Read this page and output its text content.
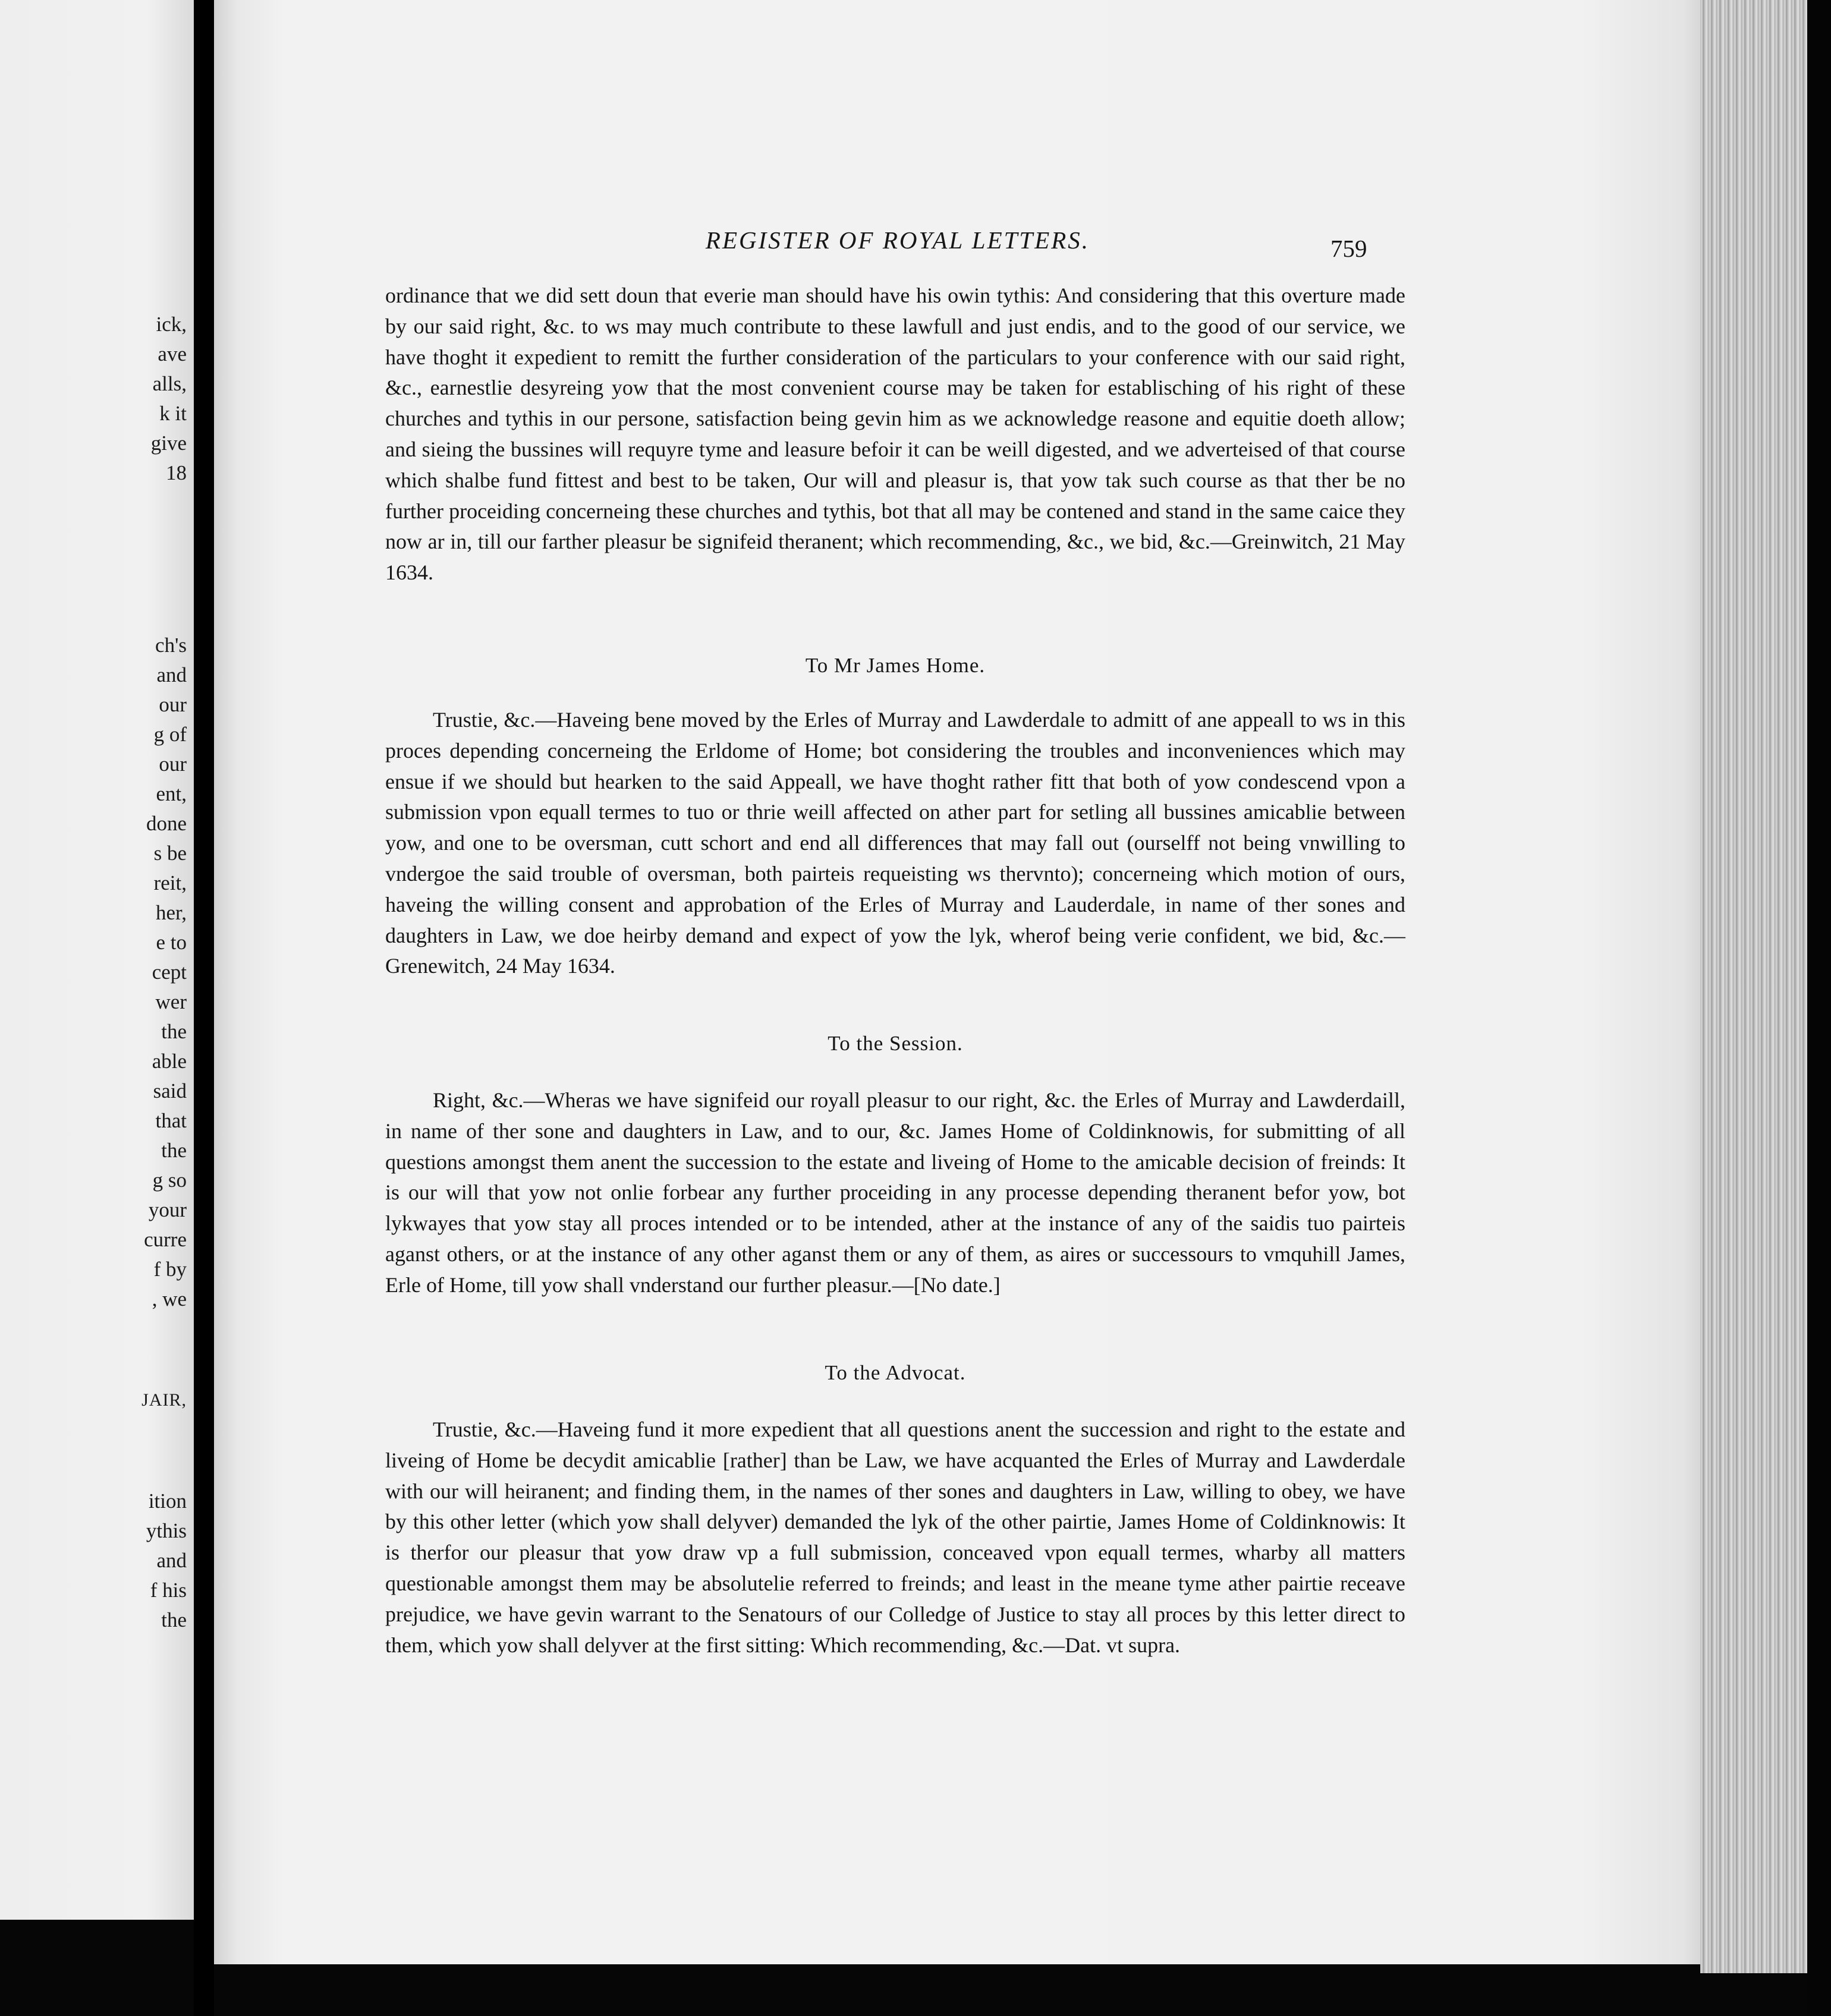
ick,
ave
alls,
k it
give
18
ch's
and
our
g of
our
ent,
done
s be
reit,
her,
e to
cept
wer
the
able
said
that
the
g so
your
curre
f by
, we
JAIR,
ition
ythis
and
f his
the
REGISTER OF ROYAL LETTERS.	759

ordinance that we did sett doun that everie man should have his owin tythis: And considering that this overture made by our said right, &c. to ws may much contribute to these lawfull and just endis, and to the good of our service, we have thoght it expedient to remitt the further consideration of the particulars to your conference with our said right, &c., earnestlie desyreing yow that the most convenient course may be taken for establisching of his right of these churches and tythis in our persone, satisfaction being gevin him as we acknowledge reasone and equitie doeth allow; and sieing the bussines will requyre tyme and leasure befoir it can be weill digested, and we adverteised of that course which shalbe fund fittest and best to be taken, Our will and pleasur is, that yow tak such course as that ther be no further proceiding concerneing these churches and tythis, bot that all may be contened and stand in the same caice they now ar in, till our farther pleasur be signifeid theranent; which recommending, &c., we bid, &c.—Greinwitch, 21 May 1634.

To Mr James Home.

Trustie, &c.—Haveing bene moved by the Erles of Murray and Lawderdale to admitt of ane appeall to ws in this proces depending concerneing the Erldome of Home; bot considering the troubles and inconveniences which may ensue if we should but hearken to the said Appeall, we have thoght rather fitt that both of yow condescend vpon a submission vpon equall termes to tuo or thrie weill affected on ather part for setling all bussines amicablie between yow, and one to be oversman, cutt schort and end all differences that may fall out (ourselff not being vnwilling to vndergoe the said trouble of oversman, both pairteis requeisting ws thervnto); concerneing which motion of ours, haveing the willing consent and approbation of the Erles of Murray and Lauderdale, in name of ther sones and daughters in Law, we doe heirby demand and expect of yow the lyk, wherof being verie confident, we bid, &c.—Grenewitch, 24 May 1634.

To the Session.

Right, &c.—Wheras we have signifeid our royall pleasur to our right, &c. the Erles of Murray and Lawderdaill, in name of ther sone and daughters in Law, and to our, &c. James Home of Coldinknowis, for submitting of all questions amongst them anent the succession to the estate and liveing of Home to the amicable decision of freinds: It is our will that yow not onlie forbear any further proceiding in any processe depending theranent befor yow, bot lykwayes that yow stay all proces intended or to be intended, ather at the instance of any of the saidis tuo pairteis aganst others, or at the instance of any other aganst them or any of them, as aires or successours to vmquhill James, Erle of Home, till yow shall vnderstand our further pleasur.—[No date.]

To the Advocat.

Trustie, &c.—Haveing fund it more expedient that all questions anent the succession and right to the estate and liveing of Home be decydit amicablie [rather] than be Law, we have acquanted the Erles of Murray and Lawderdale with our will heiranent; and finding them, in the names of ther sones and daughters in Law, willing to obey, we have by this other letter (which yow shall delyver) demanded the lyk of the other pairtie, James Home of Coldinknowis: It is therfor our pleasur that yow draw vp a full submission, conceaved vpon equall termes, wharby all matters questionable amongst them may be absolutelie referred to freinds; and least in the meane tyme ather pairtie receave prejudice, we have gevin warrant to the Senatours of our Colledge of Justice to stay all proces by this letter direct to them, which yow shall delyver at the first sitting: Which recommending, &c.—Dat. vt supra.
